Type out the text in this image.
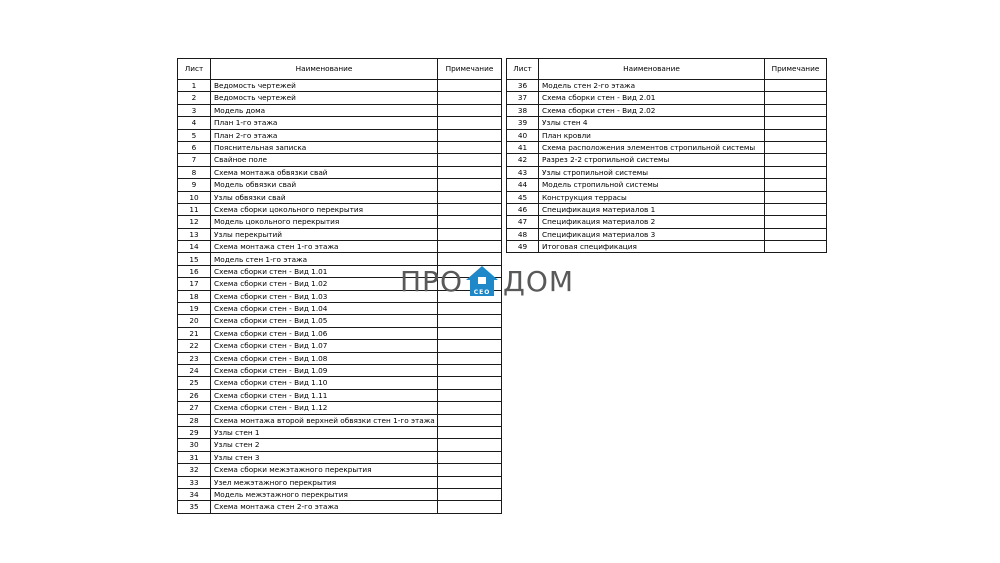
Лист	Наименование	Примечание
1	Ведомость чертежей	
2	Ведомость чертежей	
3	Модель дома	
4	План 1-го этажа	
5	План 2-го этажа	
6	Пояснительная записка	
7	Свайное поле	
8	Схема монтажа обвязки свай	
9	Модель обвязки свай	
10	Узлы обвязки свай	
11	Схема сборки цокольного перекрытия	
12	Модель цокольного перекрытия	
13	Узлы перекрытий	
14	Схема монтажа стен 1-го этажа	
15	Модель стен 1-го этажа	
16	Схема сборки стен - Вид 1.01	
17	Схема сборки стен - Вид 1.02	
18	Схема сборки стен - Вид 1.03	
19	Схема сборки стен - Вид 1.04	
20	Схема сборки стен - Вид 1.05	
21	Схема сборки стен - Вид 1.06	
22	Схема сборки стен - Вид 1.07	
23	Схема сборки стен - Вид 1.08	
24	Схема сборки стен - Вид 1.09	
25	Схема сборки стен - Вид 1.10	
26	Схема сборки стен - Вид 1.11	
27	Схема сборки стен - Вид 1.12	
28	Схема монтажа второй верхней обвязки стен 1-го этажа	
29	Узлы стен 1	
30	Узлы стен 2	
31	Узлы стен 3	
32	Схема сборки межэтажного перекрытия	
33	Узел межэтажного перекрытия	
34	Модель межэтажного перекрытия	
35	Схема монтажа стен 2-го этажа	
Лист	Наименование	Примечание
36	Модель стен 2-го этажа	
37	Схема сборки стен - Вид 2.01	
38	Схема сборки стен - Вид 2.02	
39	Узлы стен 4	
40	План кровли	
41	Схема расположения элементов стропильной системы	
42	Разрез 2-2 стропильной системы	
43	Узлы стропильной системы	
44	Модель стропильной системы	
45	Конструкция террасы	
46	Спецификация материалов 1	
47	Спецификация материалов 2	
48	Спецификация материалов 3	
49	Итоговая спецификация	
ПРО СЕО ДОМ
